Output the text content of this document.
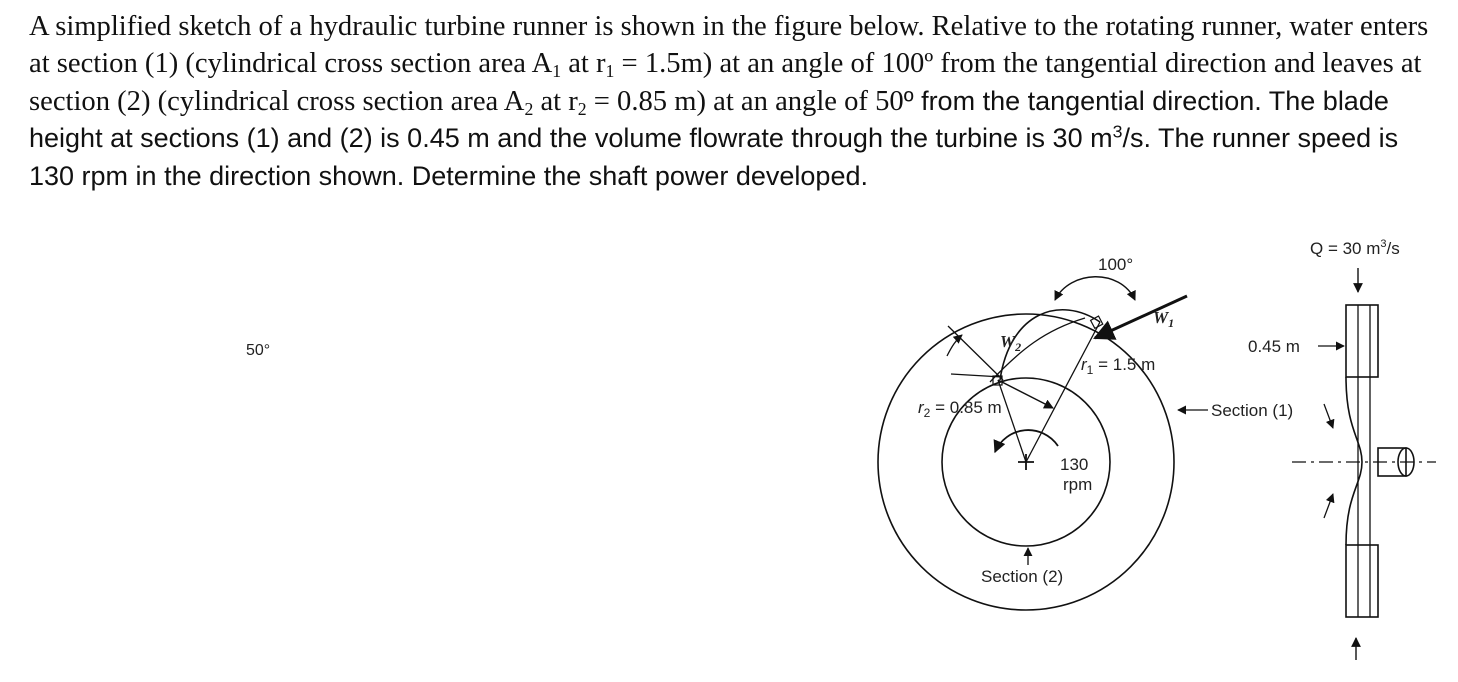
A simplified sketch of a hydraulic turbine runner is shown in the figure below. Relative to the rotating runner, water enters at section (1) (cylindrical cross section area $A_1$ at $r_1 = 1.5m$) at an angle of 100º from the tangential direction and leaves at section (2) (cylindrical cross section area $A_2$ at $r_2 = 0.85$ m) at an angle of 50º from the tangential direction. The blade height at sections (1) and (2) is 0.45 m and the volume flowrate through the turbine is 30 $m^3/s$. The runner speed is 130 rpm in the direction shown. Determine the shaft power developed.
100°
$W_1$
$W_2$
50°
$r_1 = 1.5$ m
$r_2 = 0.85$ m
130
rpm
Section (2)
Q = 30 $m^3/s$
0.45 m
Section (1)
